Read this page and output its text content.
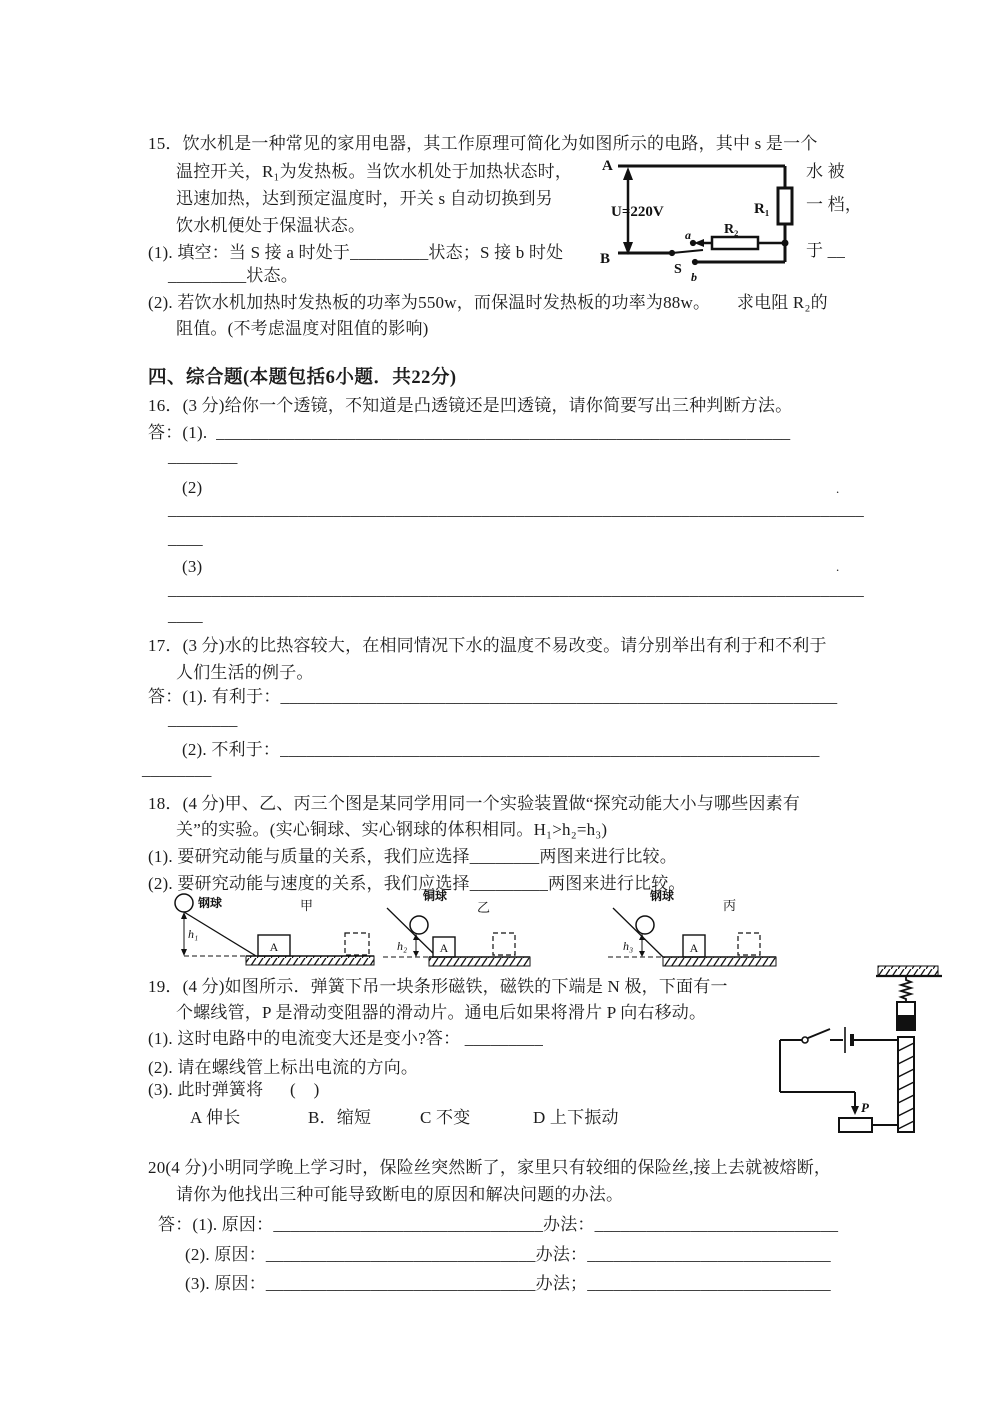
15．饮水机是一种常见的家用电器，其工作原理可简化为如图所示的电路，其中 s 是一个
温控开关，R₁为发热板。当饮水机处于加热状态时，	水 被
迅速加热，达到预定温度时，开关 s 自动切换到另	一 档，
饮水机便处于保温状态。
(1). 填空：当 S 接 a 时处于_________状态；S 接 b 时处	于 __
_________状态。
(2). 若饮水机加热时发热板的功率为550w，而保温时发热板的功率为88w。      求电阻 R₂的
阻值。(不考虑温度对阻值的影响)
A
B
U=220V	R₁
S
a R₂
b
四、综合题(本题包括6小题．共22分)
16．(3 分)给你一个透镜，不知道是凸透镜还是凹透镜，请你简要写出三种判断方法。
答：(1).  __________________________________________________________________
________
(2)	.
________________________________________________________________________________
____
(3)	.
________________________________________________________________________________
____
17．(3 分)水的比热容较大，在相同情况下水的温度不易改变。请分别举出有利于和不利于
人们生活的例子。
答：(1). 有利于：________________________________________________________________
________
(2). 不利于：______________________________________________________________
________
18．(4 分)甲、乙、丙三个图是某同学用同一个实验装置做“探究动能大小与哪些因素有
关”的实验。(实心铜球、实心钢球的体积相同。H₁>h₂=h₃)
(1). 要研究动能与质量的关系，我们应选择________两图来进行比较。
(2). 要研究动能与速度的关系，我们应选择_________两图来进行比较。
钢球	甲
h₁
A
铜球
乙
h₂	A
钢球
丙
h₃	A
19．(4 分)如图所示．弹簧下吊一块条形磁铁，磁铁的下端是 N 极，下面有一
个螺线管，P 是滑动变阻器的滑动片。通电后如果将滑片 P 向右移动。
(1). 这时电路中的电流变大还是变小?答： _________
(2). 请在螺线管上标出电流的方向。
(3). 此时弹簧将      (    )
A 伸长	B．缩短	C 不变	D 上下振动
P
20(4 分)小明同学晚上学习时，保险丝突然断了，家里只有较细的保险丝,接上去就被熔断，
请你为他找出三种可能导致断电的原因和解决问题的办法。
答：(1). 原因：_______________________________办法：____________________________
(2). 原因：_______________________________办法：____________________________
(3). 原因：_______________________________办法；____________________________
